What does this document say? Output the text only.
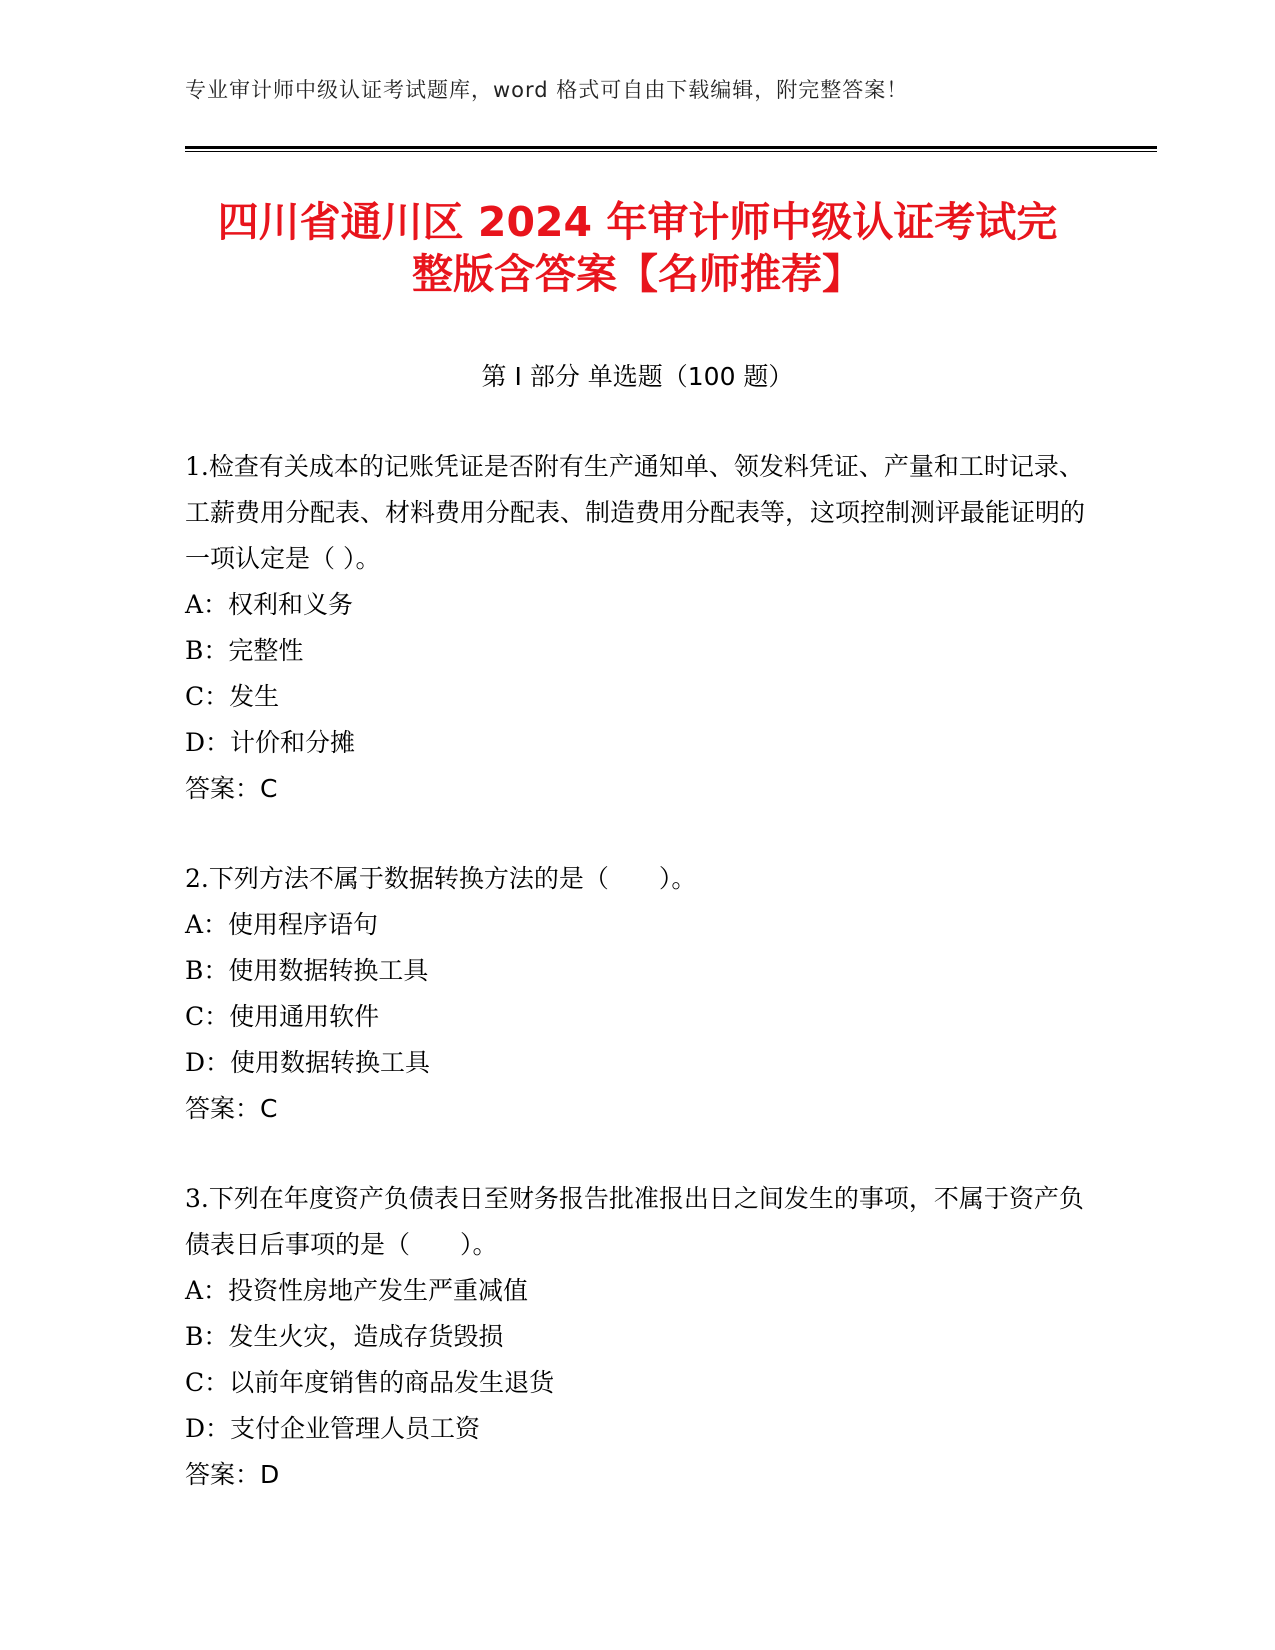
专业审计师中级认证考试题库，word 格式可自由下载编辑，附完整答案！
四川省通川区 2024 年审计师中级认证考试完
整版含答案【名师推荐】
第 I 部分 单选题（100 题）

1.检查有关成本的记账凭证是否附有生产通知单、领发料凭证、产量和工时记录、工薪费用分配表、材料费用分配表、制造费用分配表等，这项控制测评最能证明的一项认定是（ ）。

A：权利和义务

B：完整性

C：发生

D：计价和分摊

答案：C

2.下列方法不属于数据转换方法的是（　　）。

A：使用程序语句

B：使用数据转换工具

C：使用通用软件

D：使用数据转换工具

答案：C

3.下列在年度资产负债表日至财务报告批准报出日之间发生的事项，不属于资产负债表日后事项的是（　　）。

A：投资性房地产发生严重减值

B：发生火灾，造成存货毁损

C：以前年度销售的商品发生退货

D：支付企业管理人员工资

答案：D
